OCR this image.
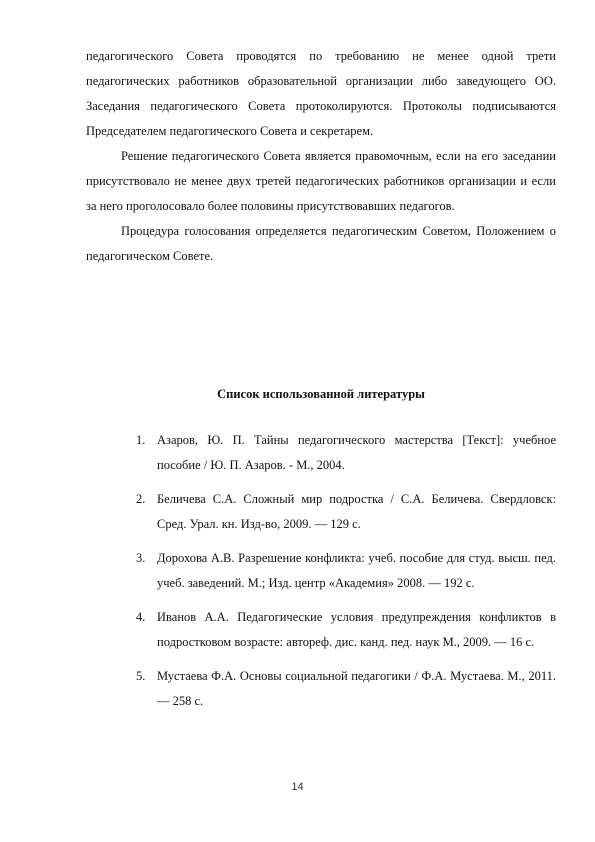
педагогического Совета проводятся по требованию не менее одной трети педагогических работников образовательной организации либо заведующего ОО. Заседания педагогического Совета протоколируются. Протоколы подписываются Председателем педагогического Совета и секретарем.

Решение педагогического Совета является правомочным, если на его заседании присутствовало не менее двух третей педагогических работников организации и если за него проголосовало более половины присутствовавших педагогов.

Процедура голосования определяется педагогическим Советом, Положением о педагогическом Совете.

Список использованной литературы
1. Азаров, Ю. П. Тайны педагогического мастерства [Текст]: учебное пособие / Ю. П. Азаров. - М., 2004.
2. Беличева С.А. Сложный мир подростка / С.А. Беличева. Свердловск: Сред. Урал. кн. Изд-во, 2009. — 129 с.
3. Дорохова А.В. Разрешение конфликта: учеб. пособие для студ. высш. пед. учеб. заведений. М.; Изд. центр «Академия» 2008. — 192 с.
4. Иванов А.А. Педагогические условия предупреждения конфликтов в подростковом возрасте: автореф. дис. канд. пед. наук М., 2009. — 16 с.
5. Мустаева Ф.А. Основы социальной педагогики / Ф.А. Мустаева. М., 2011. — 258 с.
14
